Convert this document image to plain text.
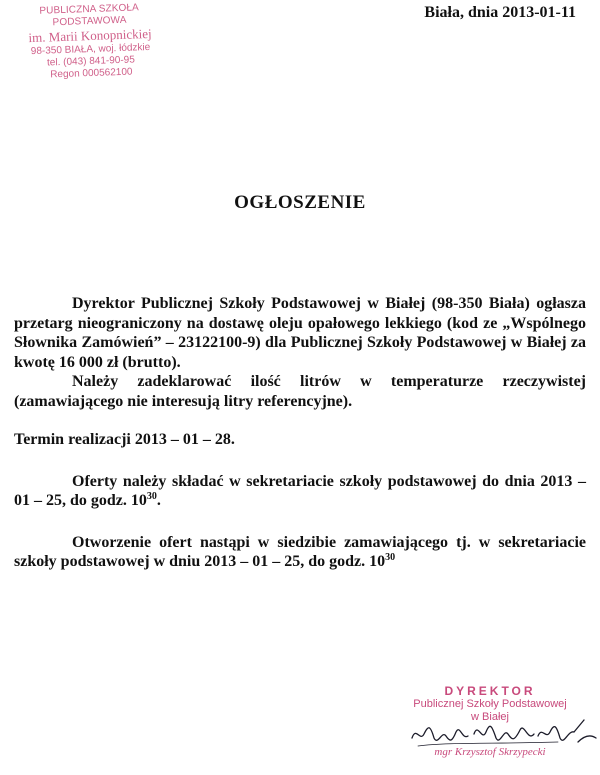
PUBLICZNA SZKOŁA PODSTAWOWA
im. Marii Konopnickiej
98-350 BIAŁA, woj. łódzkie
tel. (043) 841-90-95
Regon 000562100
Biała, dnia 2013-01-11
OGŁOSZENIE

Dyrektor Publicznej Szkoły Podstawowej w Białej (98-350 Biała) ogłasza przetarg nieograniczony na dostawę oleju opałowego lekkiego (kod ze „Wspólnego Słownika Zamówień” – 23122100-9) dla Publicznej Szkoły Podstawowej w Białej za kwotę 16 000 zł (brutto).

Należy zadeklarować ilość litrów w temperaturze rzeczywistej (zamawiającego nie interesują litry referencyjne).

Termin realizacji 2013 – 01 – 28.

Oferty należy składać w sekretariacie szkoły podstawowej do dnia 2013 – 01 – 25, do godz. $10^{30}$.

Otworzenie ofert nastąpi w siedzibie zamawiającego tj. w sekretariacie szkoły podstawowej w dniu 2013 – 01 – 25, do godz. $10^{30}$

DYREKTOR
Publicznej Szkoły Podstawowej
w Białej
mgr Krzysztof Skrzypecki
